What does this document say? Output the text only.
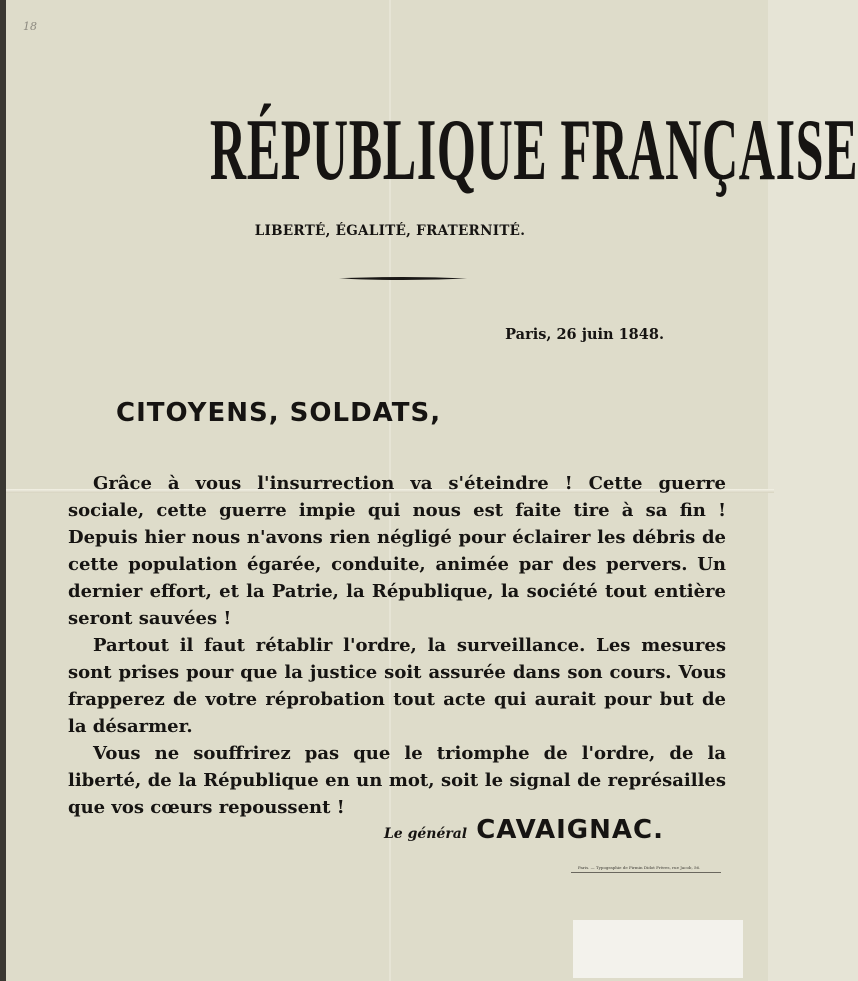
18
RÉPUBLIQUE FRANÇAISE
LIBERTÉ, ÉGALITÉ, FRATERNITÉ.
Paris, 26 juin 1848.
CITOYENS, SOLDATS,

Grâce à vous l'insurrection va s'éteindre ! Cette guerre sociale, cette guerre impie qui nous est faite tire à sa fin ! Depuis hier nous n'avons rien négligé pour éclairer les débris de cette population égarée, conduite, animée par des pervers. Un dernier effort, et la Patrie, la République, la société tout entière seront sauvées !

Partout il faut rétablir l'ordre, la surveillance. Les mesures sont prises pour que la justice soit assurée dans son cours. Vous frapperez de votre réprobation tout acte qui aurait pour but de la désarmer.

Vous ne souffrirez pas que le triomphe de l'ordre, de la liberté, de la République en un mot, soit le signal de représailles que vos cœurs repoussent !

Le général CAVAIGNAC.
Paris. — Typographie de Firmin Didot Frères, rue Jacob, 56.
